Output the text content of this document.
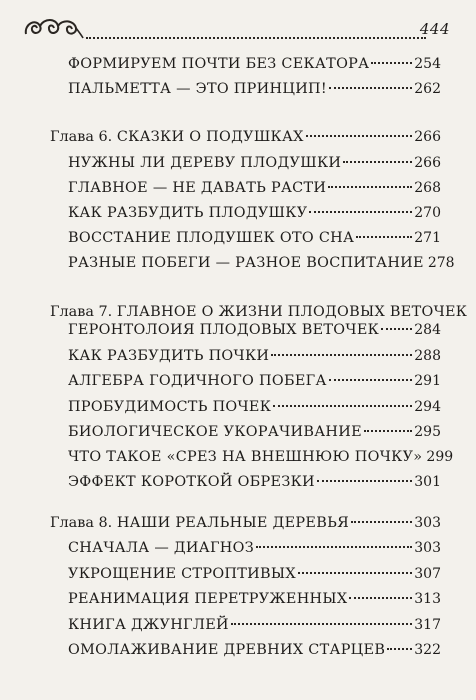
444
ФОРМИРУЕМ ПОЧТИ БЕЗ СЕКАТОРА	254
ПАЛЬМЕТТА — ЭТО ПРИНЦИП!	262
Глава 6. СКАЗКИ О ПОДУШКАХ	266
НУЖНЫ ЛИ ДЕРЕВУ ПЛОДУШКИ	266
ГЛАВНОЕ — НЕ ДАВАТЬ РАСТИ	268
КАК РАЗБУДИТЬ ПЛОДУШКУ	270
ВОССТАНИЕ ПЛОДУШЕК ОТО СНА	271
РАЗНЫЕ ПОБЕГИ — РАЗНОЕ ВОСПИТАНИЕ 278
Глава 7. ГЛАВНОЕ О ЖИЗНИ ПЛОДОВЫХ ВЕТОЧЕК
ГЕРОНТОЛОИЯ ПЛОДОВЫХ ВЕТОЧЕК	284
КАК РАЗБУДИТЬ ПОЧКИ	288
АЛГЕБРА ГОДИЧНОГО ПОБЕГА	291
ПРОБУДИМОСТЬ ПОЧЕК	294
БИОЛОГИЧЕСКОЕ УКОРАЧИВАНИЕ	295
ЧТО ТАКОЕ «СРЕЗ НА ВНЕШНЮЮ ПОЧКУ» 299
ЭФФЕКТ КОРОТКОЙ ОБРЕЗКИ	301
Глава 8. НАШИ РЕАЛЬНЫЕ ДЕРЕВЬЯ	303
СНАЧАЛА — ДИАГНОЗ	303
УКРОЩЕНИЕ СТРОПТИВЫХ	307
РЕАНИМАЦИЯ ПЕРЕТРУЖЕННЫХ	313
КНИГА ДЖУНГЛЕЙ	317
ОМОЛАЖИВАНИЕ ДРЕВНИХ СТАРЦЕВ 322
